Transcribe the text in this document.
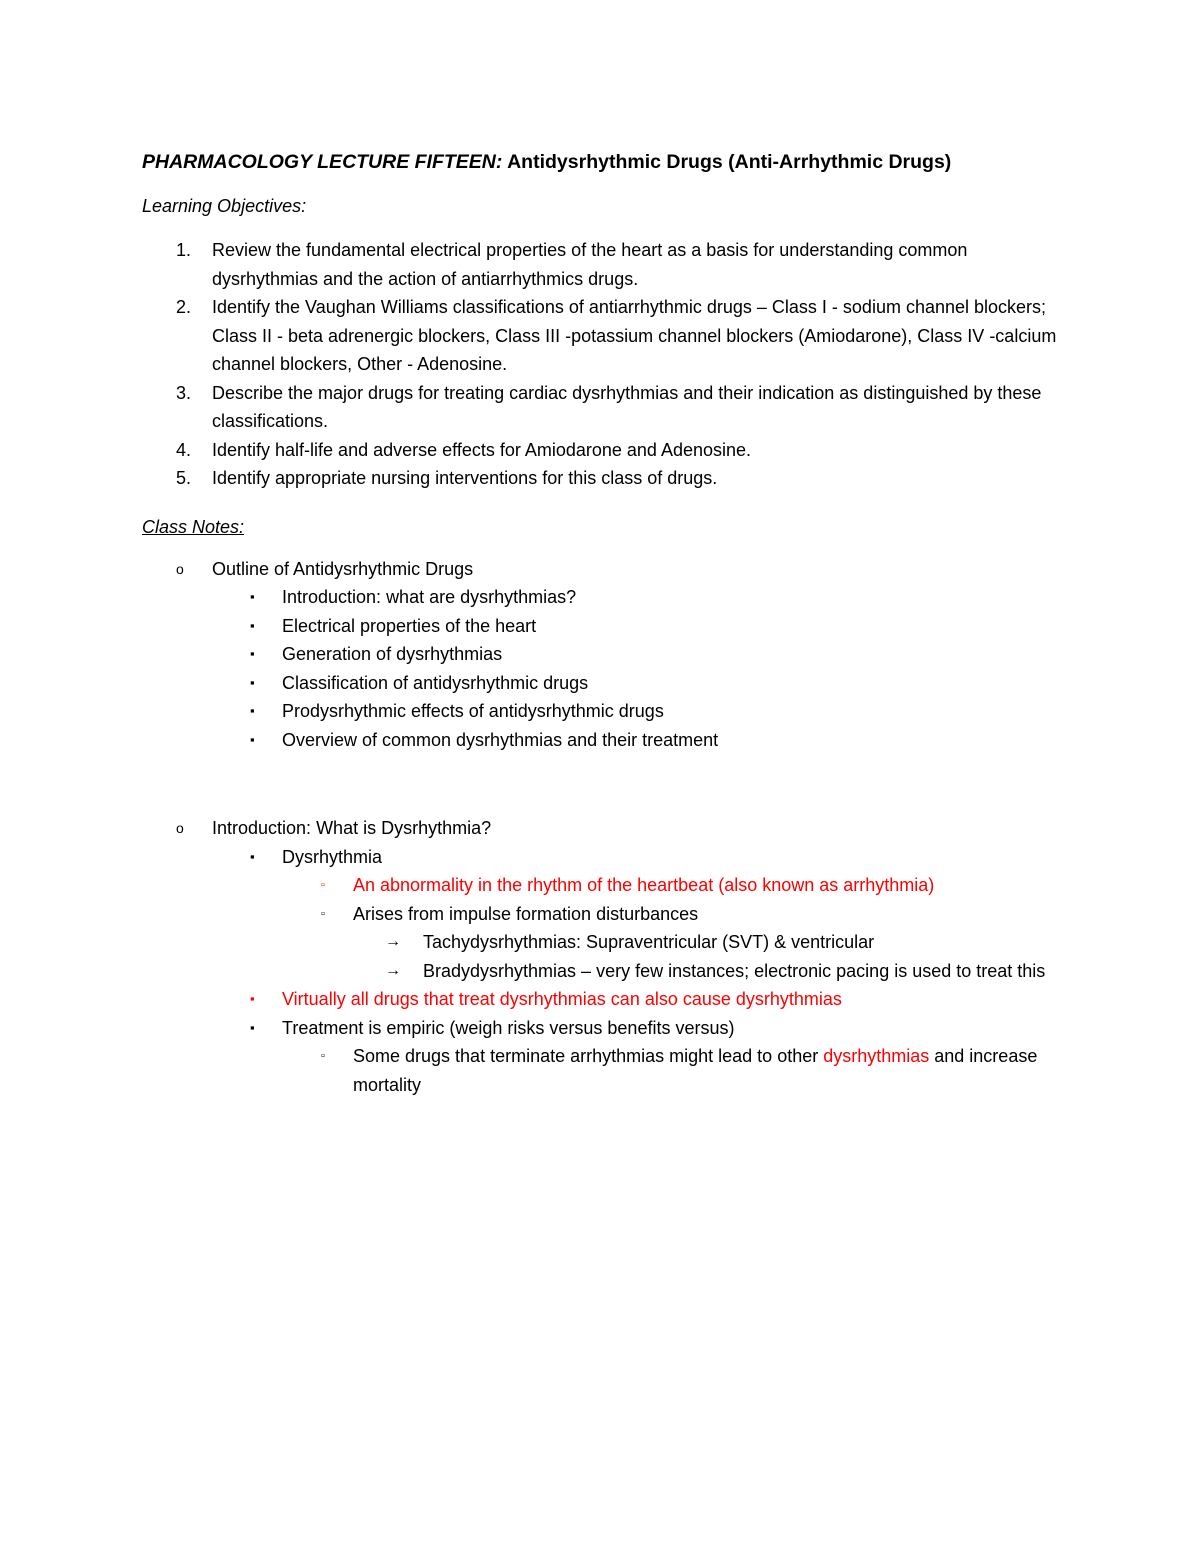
PHARMACOLOGY LECTURE FIFTEEN: Antidysrhythmic Drugs (Anti-Arrhythmic Drugs)

Learning Objectives:
1. Review the fundamental electrical properties of the heart as a basis for understanding common dysrhythmias and the action of antiarrhythmics drugs.
2. Identify the Vaughan Williams classifications of antiarrhythmic drugs – Class I - sodium channel blockers; Class II - beta adrenergic blockers, Class III -potassium channel blockers (Amiodarone), Class IV -calcium channel blockers, Other - Adenosine.
3. Describe the major drugs for treating cardiac dysrhythmias and their indication as distinguished by these classifications.
4. Identify half-life and adverse effects for Amiodarone and Adenosine.
5. Identify appropriate nursing interventions for this class of drugs.
Class Notes:
o Outline of Antidysrhythmic Drugs
▪ Introduction: what are dysrhythmias?
▪ Electrical properties of the heart
▪ Generation of dysrhythmias
▪ Classification of antidysrhythmic drugs
▪ Prodysrhythmic effects of antidysrhythmic drugs
▪ Overview of common dysrhythmias and their treatment
o Introduction: What is Dysrhythmia?
▪ Dysrhythmia
▫ An abnormality in the rhythm of the heartbeat (also known as arrhythmia)
▫ Arises from impulse formation disturbances
→ Tachydysrhythmias: Supraventricular (SVT) & ventricular
→ Bradydysrhythmias – very few instances; electronic pacing is used to treat this
▪ Virtually all drugs that treat dysrhythmias can also cause dysrhythmias
▪ Treatment is empiric (weigh risks versus benefits versus)
▫ Some drugs that terminate arrhythmias might lead to other dysrhythmias and increase mortality
